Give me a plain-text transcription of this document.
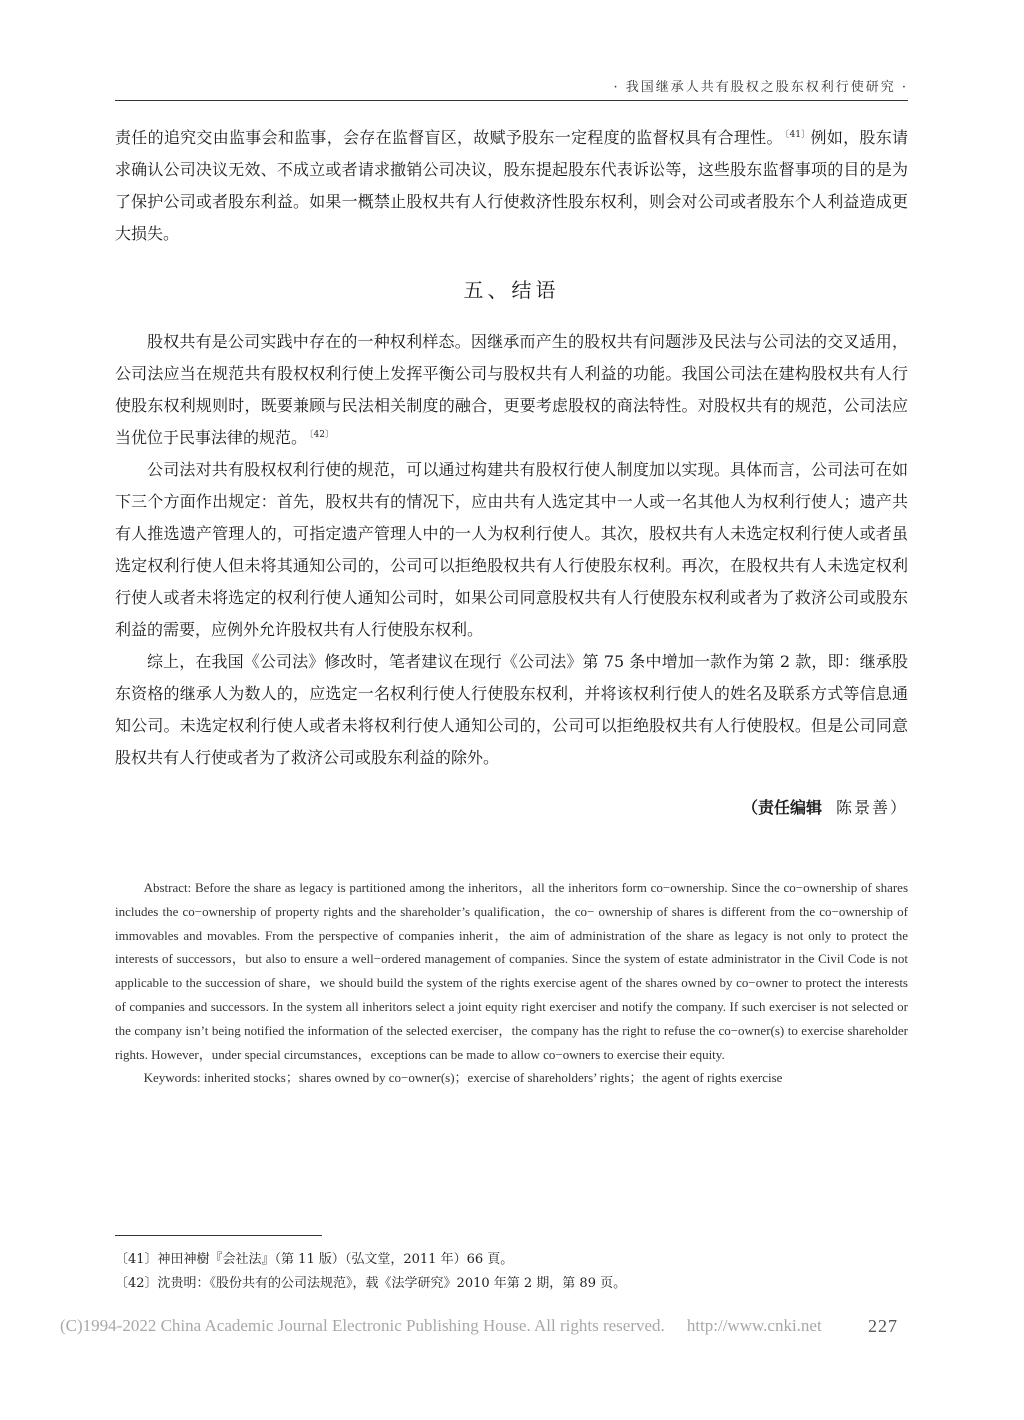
· 我国继承人共有股权之股东权利行使研究 ·

责任的追究交由监事会和监事，会存在监督盲区，故赋予股东一定程度的监督权具有合理性。 $^{〔41〕}$例如，股东请求确认公司决议无效、不成立或者请求撤销公司决议，股东提起股东代表诉讼等，这些股东监督事项的目的是为了保护公司或者股东利益。如果一概禁止股权共有人行使救济性股东权利，则会对公司或者股东个人利益造成更大损失。

五、结语

股权共有是公司实践中存在的一种权利样态。因继承而产生的股权共有问题涉及民法与公司法的交叉适用，公司法应当在规范共有股权权利行使上发挥平衡公司与股权共有人利益的功能。我国公司法在建构股权共有人行使股东权利规则时，既要兼顾与民法相关制度的融合，更要考虑股权的商法特性。对股权共有的规范，公司法应当优位于民事法律的规范。 $^{〔42〕}$

公司法对共有股权权利行使的规范，可以通过构建共有股权行使人制度加以实现。具体而言，公司法可在如下三个方面作出规定：首先，股权共有的情况下，应由共有人选定其中一人或一名其他人为权利行使人；遗产共有人推选遗产管理人的，可指定遗产管理人中的一人为权利行使人。其次，股权共有人未选定权利行使人或者虽选定权利行使人但未将其通知公司的，公司可以拒绝股权共有人行使股东权利。再次，在股权共有人未选定权利行使人或者未将选定的权利行使人通知公司时，如果公司同意股权共有人行使股东权利或者为了救济公司或股东利益的需要，应例外允许股权共有人行使股东权利。

综上，在我国《公司法》修改时，笔者建议在现行《公司法》第 75 条中增加一款作为第 2 款，即：继承股东资格的继承人为数人的，应选定一名权利行使人行使股东权利，并将该权利行使人的姓名及联系方式等信息通知公司。未选定权利行使人或者未将权利行使人通知公司的，公司可以拒绝股权共有人行使股权。但是公司同意股权共有人行使或者为了救济公司或股东利益的除外。

（责任编辑 陈景善）

Abstract: Before the share as legacy is partitioned among the inheritors，all the inheritors form co−ownership. Since the co−ownership of shares includes the co−ownership of property rights and the shareholder’s qualification，the co− ownership of shares is different from the co−ownership of immovables and movables. From the perspective of companies inherit，the aim of administration of the share as legacy is not only to protect the interests of successors，but also to ensure a well−ordered management of companies. Since the system of estate administrator in the Civil Code is not applicable to the succession of share，we should build the system of the rights exercise agent of the shares owned by co−owner to protect the interests of companies and successors. In the system all inheritors select a joint equity right exerciser and notify the company. If such exerciser is not selected or the company isn’t being notified the information of the selected exerciser，the company has the right to refuse the co−owner(s) to exercise shareholder rights. However，under special circumstances，exceptions can be made to allow co−owners to exercise their equity.

Keywords: inherited stocks；shares owned by co−owner(s)；exercise of shareholders’ rights；the agent of rights exercise

〔41〕神田神樹『会社法』（第 11 版）（弘文堂，2011 年）66 頁。
〔42〕沈贵明：《股份共有的公司法规范》，载《法学研究》2010 年第 2 期，第 89 页。
(C)1994-2022 China Academic Journal Electronic Publishing House. All rights reserved. http://www.cnki.net	227
